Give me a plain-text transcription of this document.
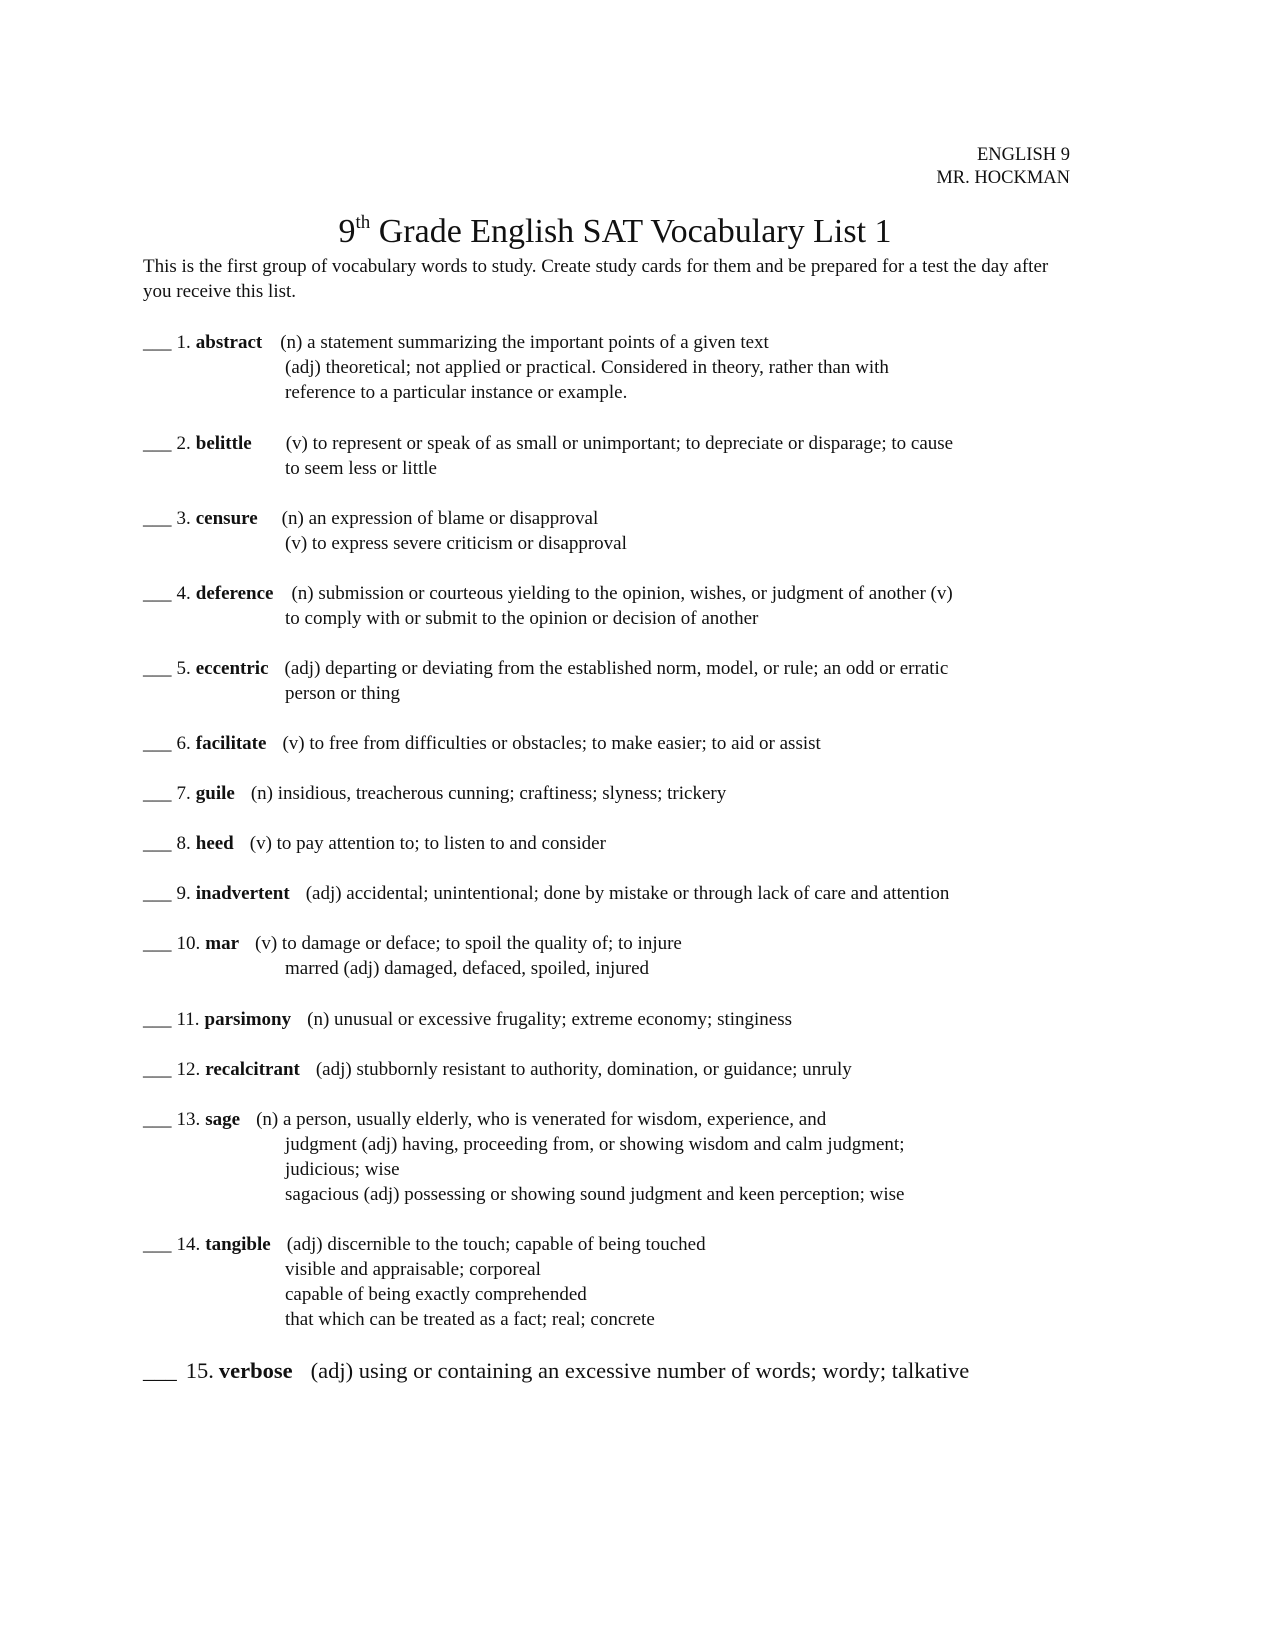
ENGLISH 9
MR. HOCKMAN
9th Grade English SAT Vocabulary List 1
This is the first group of vocabulary words to study. Create study cards for them and be prepared for a test the day after you receive this list.
___ 1. abstract (n) a statement summarizing the important points of a given text
(adj) theoretical; not applied or practical. Considered in theory, rather than with
reference to a particular instance or example.
___ 2. belittle (v) to represent or speak of as small or unimportant; to depreciate or disparage; to cause
to seem less or little
___ 3. censure (n) an expression of blame or disapproval
(v) to express severe criticism or disapproval
___ 4. deference (n) submission or courteous yielding to the opinion, wishes, or judgment of another (v)
to comply with or submit to the opinion or decision of another
___ 5. eccentric (adj) departing or deviating from the established norm, model, or rule; an odd or erratic
person or thing
___ 6. facilitate (v) to free from difficulties or obstacles; to make easier; to aid or assist
___ 7. guile (n) insidious, treacherous cunning; craftiness; slyness; trickery
___ 8. heed (v) to pay attention to; to listen to and consider
___ 9. inadvertent (adj) accidental; unintentional; done by mistake or through lack of care and attention
___ 10. mar (v) to damage or deface; to spoil the quality of; to injure
marred (adj) damaged, defaced, spoiled, injured
___ 11. parsimony (n) unusual or excessive frugality; extreme economy; stinginess
___ 12. recalcitrant (adj) stubbornly resistant to authority, domination, or guidance; unruly
___ 13. sage (n) a person, usually elderly, who is venerated for wisdom, experience, and
judgment (adj) having, proceeding from, or showing wisdom and calm judgment;
judicious; wise
sagacious (adj) possessing or showing sound judgment and keen perception; wise
___ 14. tangible (adj) discernible to the touch; capable of being touched
visible and appraisable; corporeal
capable of being exactly comprehended
that which can be treated as a fact; real; concrete
___ 15. verbose (adj) using or containing an excessive number of words; wordy; talkative
